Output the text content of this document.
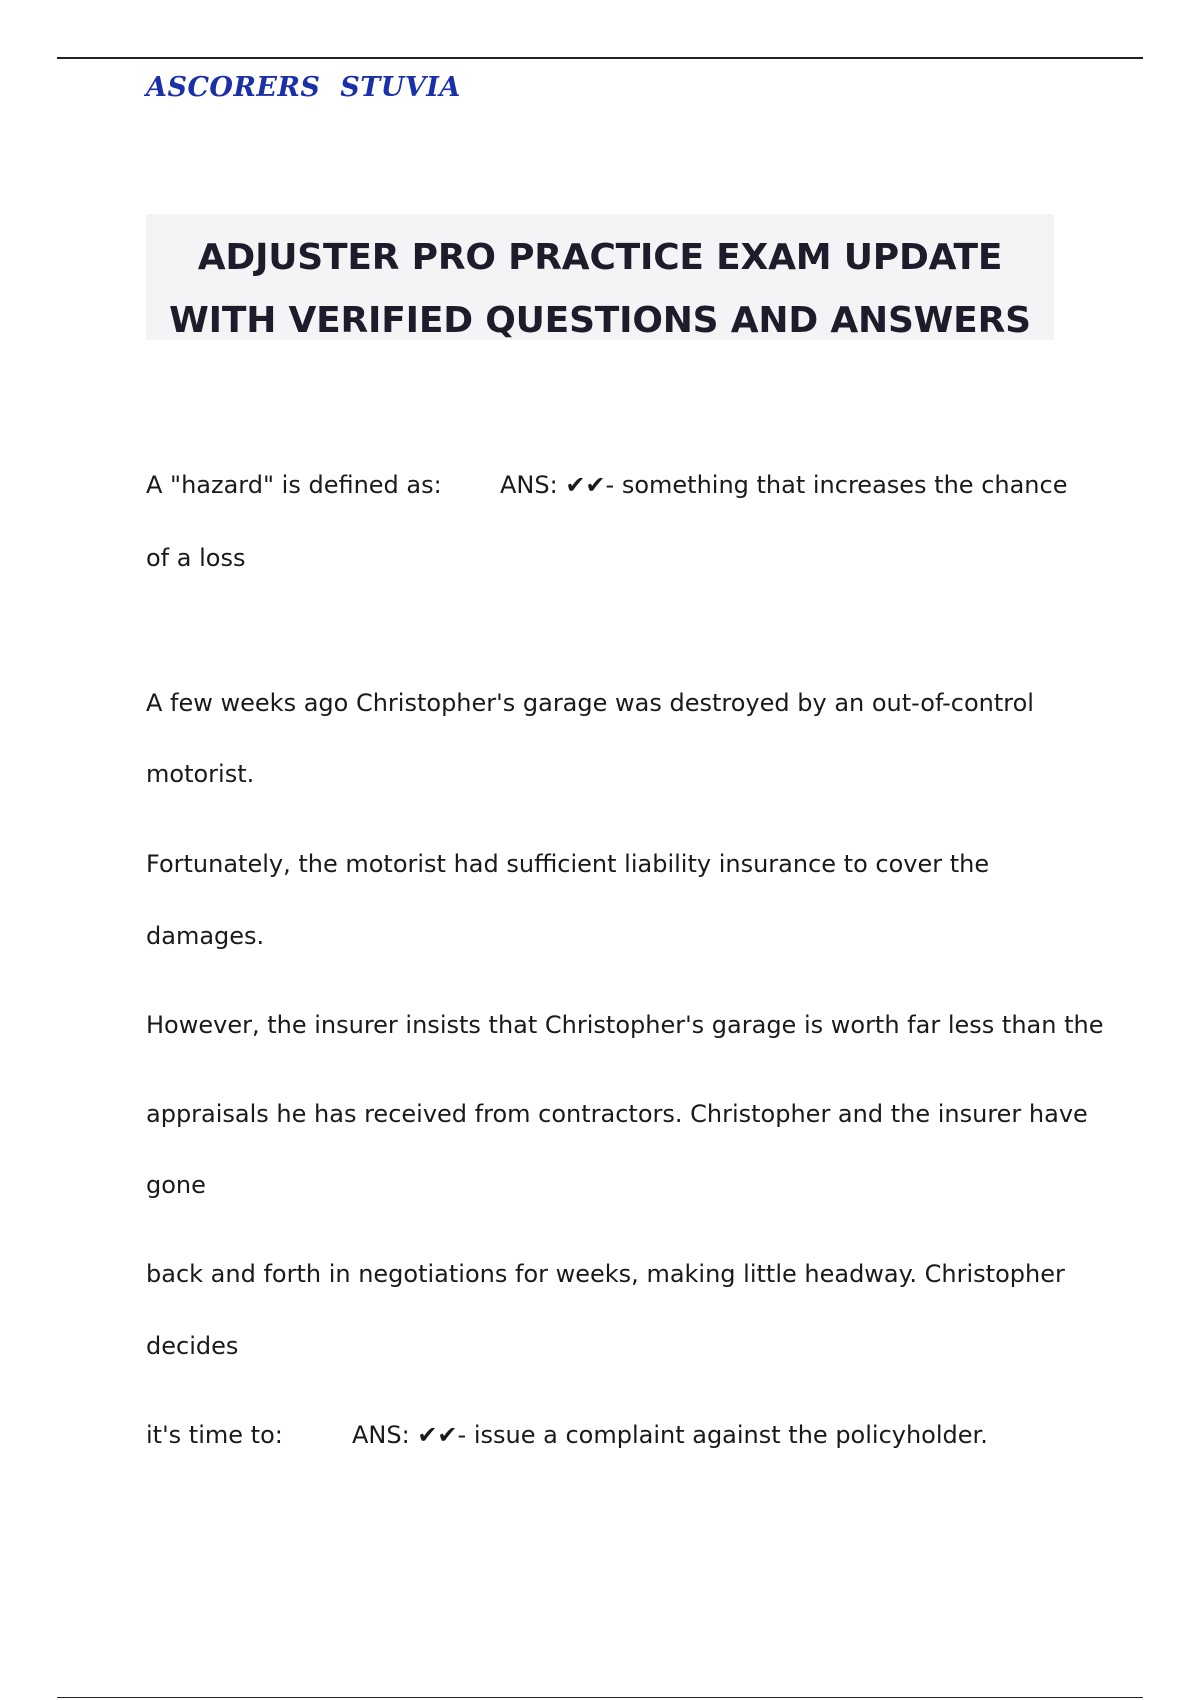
ASCORERS  STUVIA
ADJUSTER PRO PRACTICE EXAM UPDATE
WITH VERIFIED QUESTIONS AND ANSWERS
A "hazard" is defined as: ANS: ✔✔- something that increases the chance
of a loss
A few weeks ago Christopher's garage was destroyed by an out-of-control
motorist.
Fortunately, the motorist had sufficient liability insurance to cover the
damages.
However, the insurer insists that Christopher's garage is worth far less than the
appraisals he has received from contractors. Christopher and the insurer have
gone
back and forth in negotiations for weeks, making little headway. Christopher
decides
it's time to:	ANS: ✔✔- issue a complaint against the policyholder.
